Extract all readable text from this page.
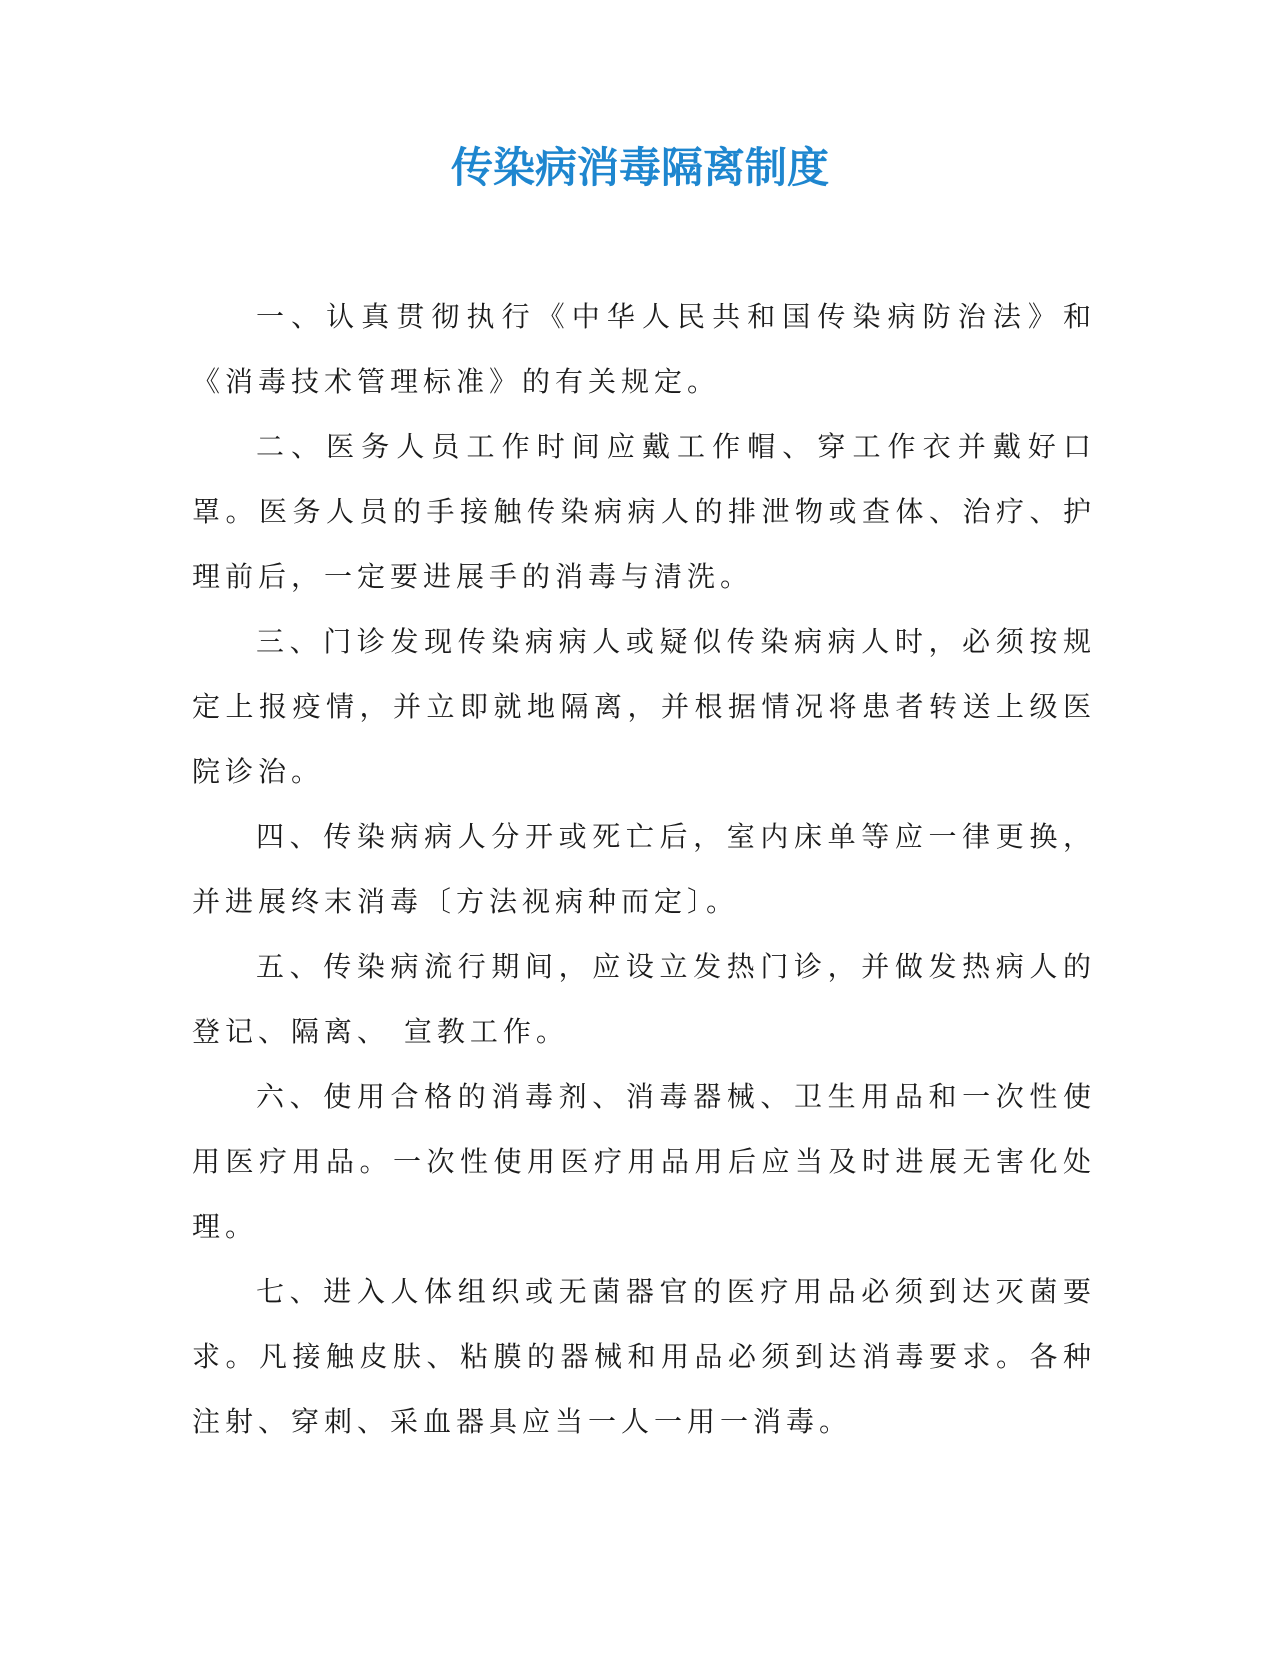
传染病消毒隔离制度

一、认真贯彻执行《中华人民共和国传染病防治法》和《消毒技术管理标准》的有关规定。

二、医务人员工作时间应戴工作帽、穿工作衣并戴好口罩。医务人员的手接触传染病病人的排泄物或查体、治疗、护理前后，一定要进展手的消毒与清洗。

三、门诊发现传染病病人或疑似传染病病人时，必须按规定上报疫情，并立即就地隔离，并根据情况将患者转送上级医院诊治。

四、传染病病人分开或死亡后，室内床单等应一律更换，并进展终末消毒〔方法视病种而定〕。

五、传染病流行期间，应设立发热门诊，并做发热病人的登记、隔离、 宣教工作。

六、使用合格的消毒剂、消毒器械、卫生用品和一次性使用医疗用品。一次性使用医疗用品用后应当及时进展无害化处理。

七、进入人体组织或无菌器官的医疗用品必须到达灭菌要求。凡接触皮肤、粘膜的器械和用品必须到达消毒要求。各种注射、穿刺、采血器具应当一人一用一消毒。
